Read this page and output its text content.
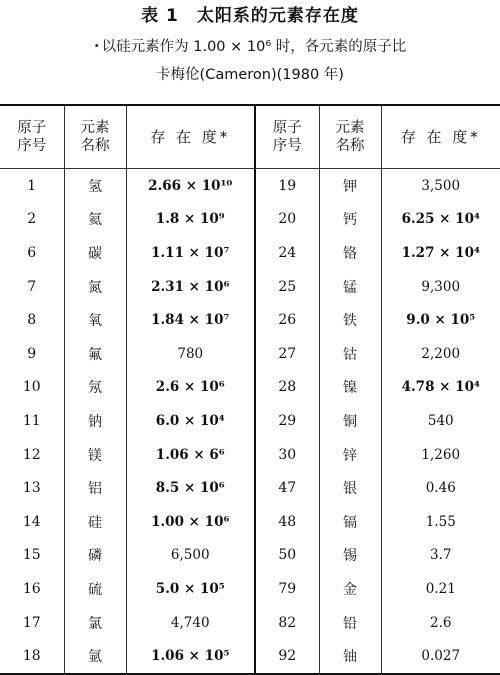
表 1　太阳系的元素存在度
• 以硅元素作为 1.00 × 10⁶ 时，各元素的原子比
卡梅伦(Cameron)(1980 年)
原子
序号	元素
名称	存 在 度*	原子
序号	元素
名称	存 在 度*
1	氢	2.66 × 10¹⁰	19	钾	3,500
2	氦	1.8 × 10⁹	20	钙	6.25 × 10⁴
6	碳	1.11 × 10⁷	24	铬	1.27 × 10⁴
7	氮	2.31 × 10⁶	25	锰	9,300
8	氧	1.84 × 10⁷	26	铁	9.0 × 10⁵
9	氟	780	27	钴	2,200
10	氖	2.6 × 10⁶	28	镍	4.78 × 10⁴
11	钠	6.0 × 10⁴	29	铜	540
12	镁	1.06 × 6⁶	30	锌	1,260
13	铝	8.5 × 10⁶	47	银	0.46
14	硅	1.00 × 10⁶	48	镉	1.55
15	磷	6,500	50	锡	3.7
16	硫	5.0 × 10⁵	79	金	0.21
17	氯	4,740	82	铅	2.6
18	氩	1.06 × 10⁵	92	铀	0.027
